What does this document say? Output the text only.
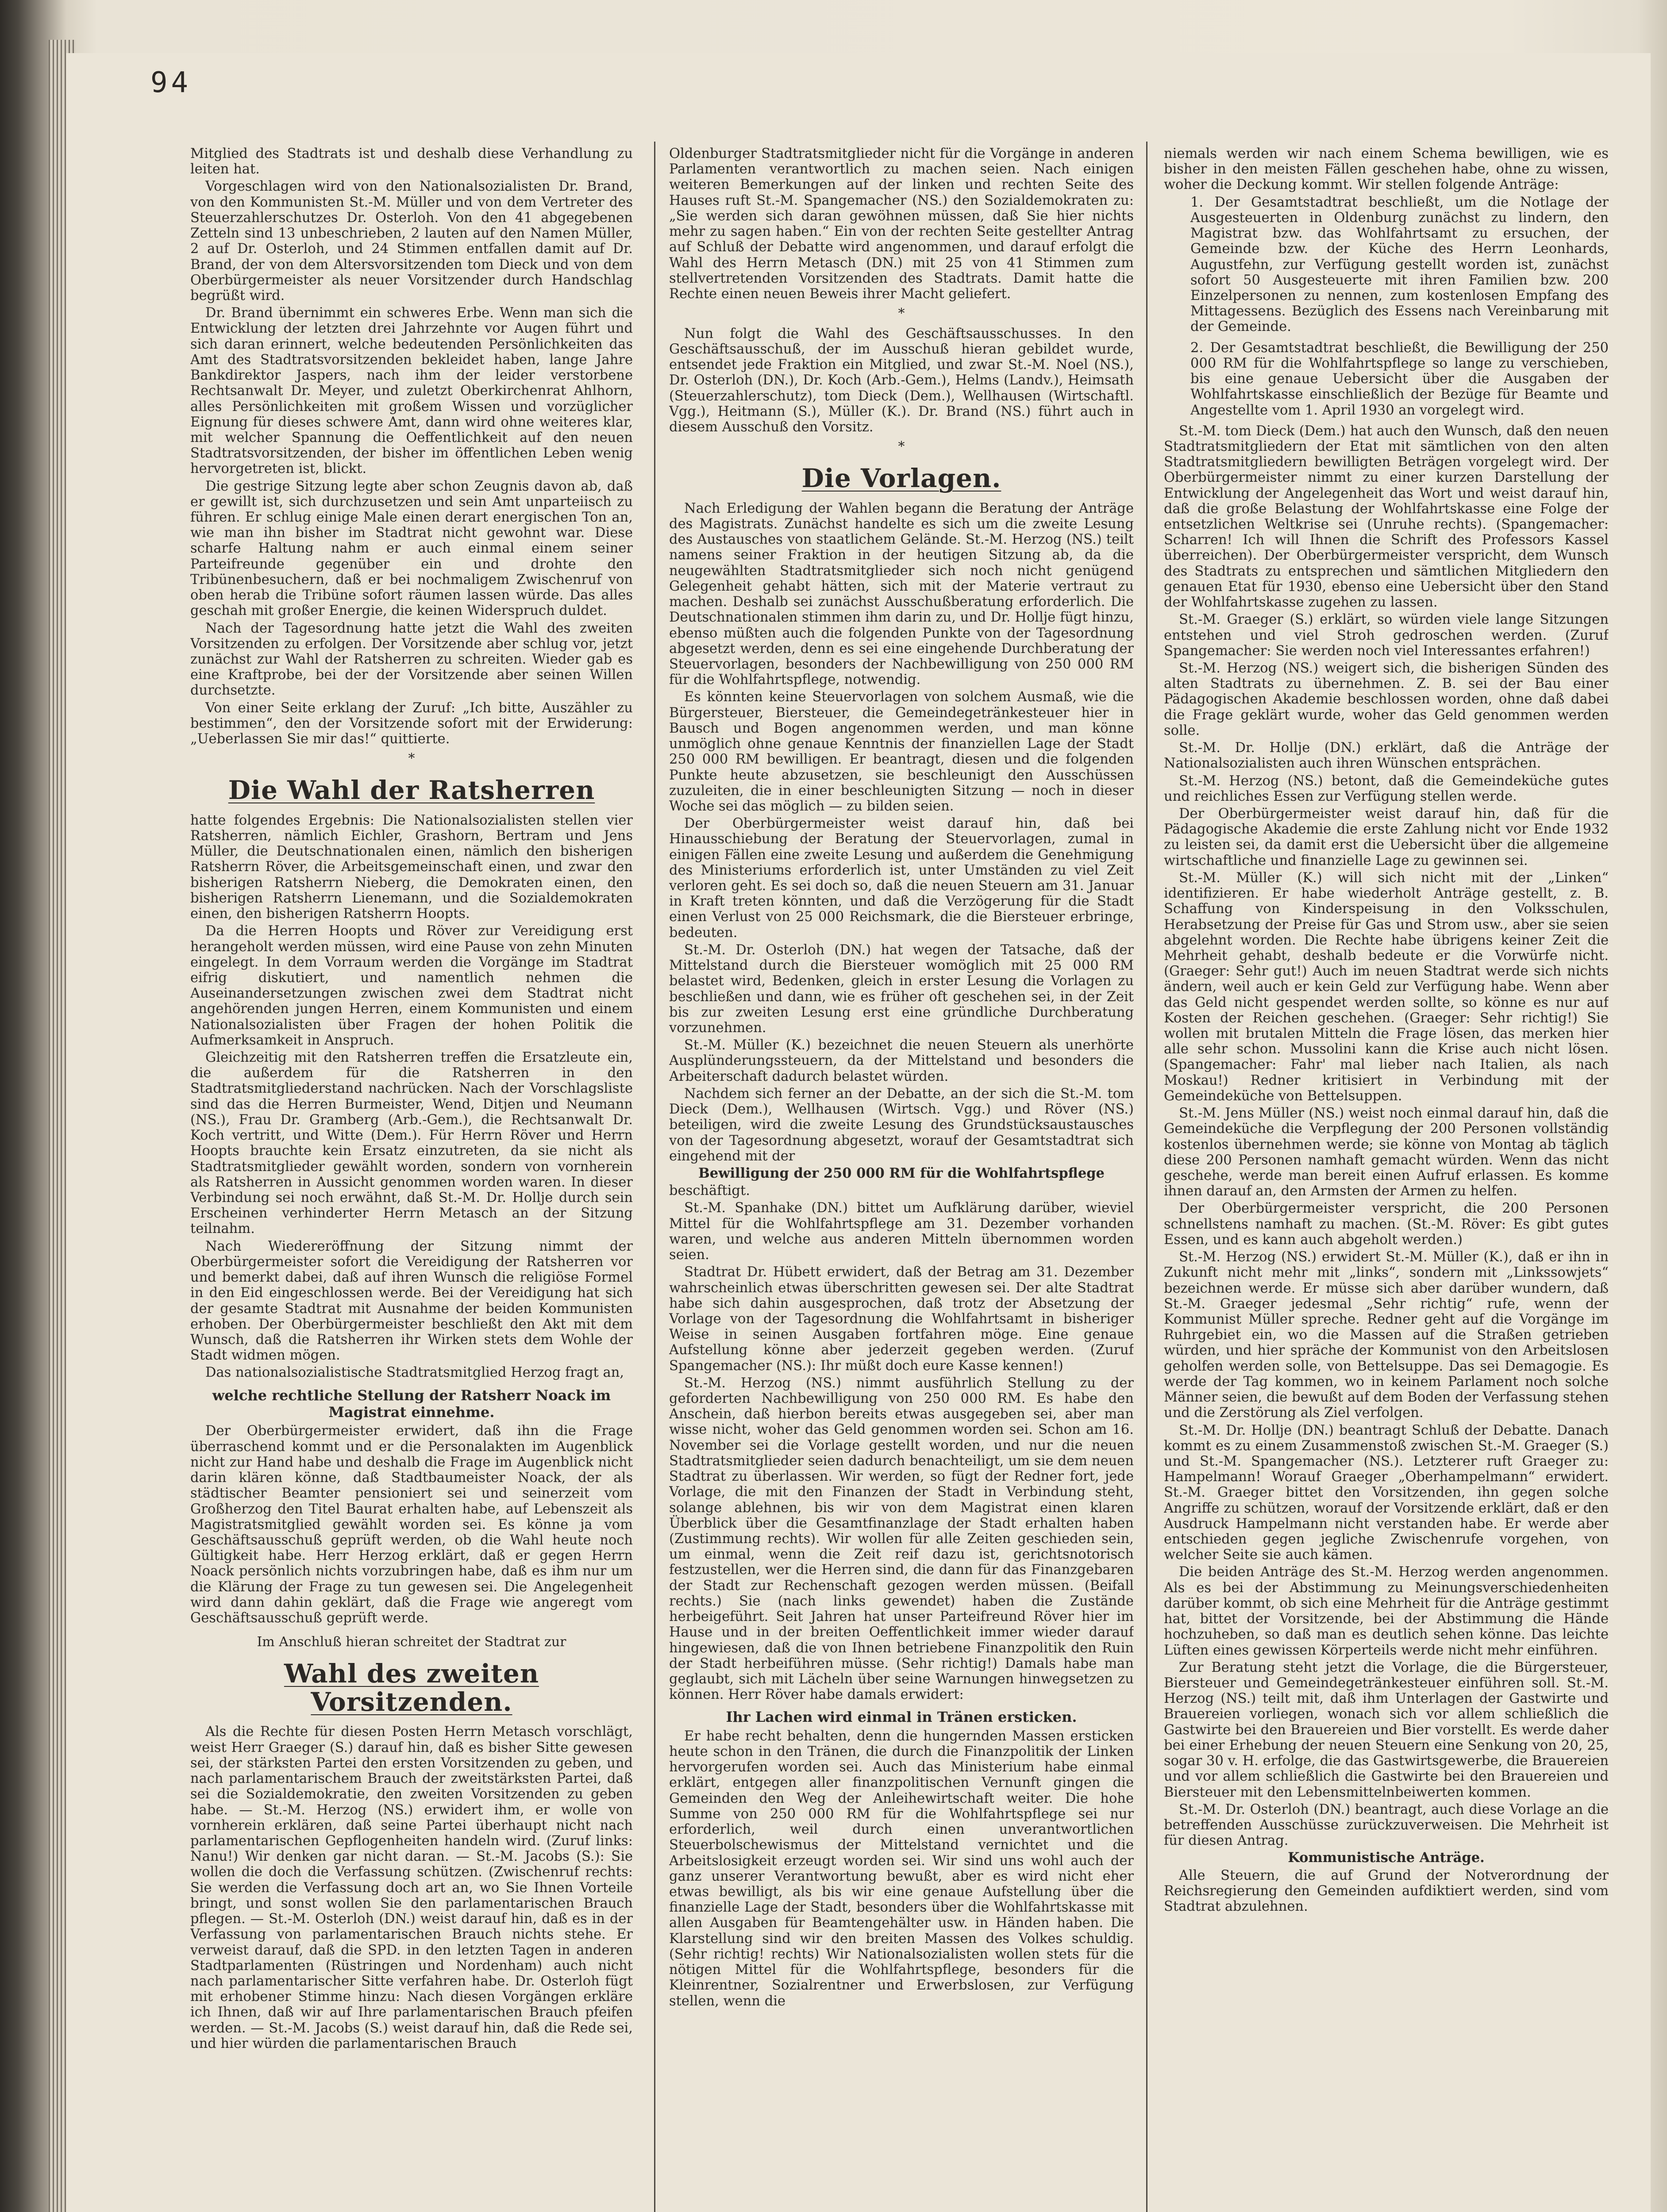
94

Mitglied des Stadtrats ist und deshalb diese Verhandlung zu leiten hat.

Vorgeschlagen wird von den Nationalsozialisten Dr. Brand, von den Kommunisten St.-M. Müller und von dem Vertreter des Steuerzahlerschutzes Dr. Osterloh. Von den 41 abgegebenen Zetteln sind 13 unbeschrieben, 2 lauten auf den Namen Müller, 2 auf Dr. Osterloh, und 24 Stimmen entfallen damit auf Dr. Brand, der von dem Altersvorsitzenden tom Dieck und von dem Oberbürgermeister als neuer Vorsitzender durch Handschlag begrüßt wird.

Dr. Brand übernimmt ein schweres Erbe. Wenn man sich die Entwicklung der letzten drei Jahrzehnte vor Augen führt und sich daran erinnert, welche bedeutenden Persönlichkeiten das Amt des Stadtratsvorsitzenden bekleidet haben, lange Jahre Bankdirektor Jaspers, nach ihm der leider verstorbene Rechtsanwalt Dr. Meyer, und zuletzt Oberkirchenrat Ahlhorn, alles Persönlichkeiten mit großem Wissen und vorzüglicher Eignung für dieses schwere Amt, dann wird ohne weiteres klar, mit welcher Spannung die Oeffentlichkeit auf den neuen Stadtratsvorsitzenden, der bisher im öffentlichen Leben wenig hervorgetreten ist, blickt.

Die gestrige Sitzung legte aber schon Zeugnis davon ab, daß er gewillt ist, sich durchzusetzen und sein Amt unparteiisch zu führen. Er schlug einige Male einen derart energischen Ton an, wie man ihn bisher im Stadtrat nicht gewohnt war. Diese scharfe Haltung nahm er auch einmal einem seiner Parteifreunde gegenüber ein und drohte den Tribünenbesuchern, daß er bei nochmaligem Zwischenruf von oben herab die Tribüne sofort räumen lassen würde. Das alles geschah mit großer Energie, die keinen Widerspruch duldet.

Nach der Tagesordnung hatte jetzt die Wahl des zweiten Vorsitzenden zu erfolgen. Der Vorsitzende aber schlug vor, jetzt zunächst zur Wahl der Ratsherren zu schreiten. Wieder gab es eine Kraftprobe, bei der der Vorsitzende aber seinen Willen durchsetzte.

Von einer Seite erklang der Zuruf: „Ich bitte, Auszähler zu bestimmen“, den der Vorsitzende sofort mit der Erwiderung: „Ueberlassen Sie mir das!“ quittierte.

*

Die Wahl der Ratsherren

hatte folgendes Ergebnis: Die Nationalsozialisten stellen vier Ratsherren, nämlich Eichler, Grashorn, Bertram und Jens Müller, die Deutschnationalen einen, nämlich den bisherigen Ratsherrn Röver, die Arbeitsgemeinschaft einen, und zwar den bisherigen Ratsherrn Nieberg, die Demokraten einen, den bisherigen Ratsherrn Lienemann, und die Sozialdemokraten einen, den bisherigen Ratsherrn Hoopts.

Da die Herren Hoopts und Röver zur Vereidigung erst herangeholt werden müssen, wird eine Pause von zehn Minuten eingelegt. In dem Vorraum werden die Vorgänge im Stadtrat eifrig diskutiert, und namentlich nehmen die Auseinandersetzungen zwischen zwei dem Stadtrat nicht angehörenden jungen Herren, einem Kommunisten und einem Nationalsozialisten über Fragen der hohen Politik die Aufmerksamkeit in Anspruch.

Gleichzeitig mit den Ratsherren treffen die Ersatzleute ein, die außerdem für die Ratsherren in den Stadtratsmitgliederstand nachrücken. Nach der Vorschlagsliste sind das die Herren Burmeister, Wend, Ditjen und Neumann (NS.), Frau Dr. Gramberg (Arb.-Gem.), die Rechtsanwalt Dr. Koch vertritt, und Witte (Dem.). Für Herrn Röver und Herrn Hoopts brauchte kein Ersatz einzutreten, da sie nicht als Stadtratsmitglieder gewählt worden, sondern von vornherein als Ratsherren in Aussicht genommen worden waren. In dieser Verbindung sei noch erwähnt, daß St.-M. Dr. Hollje durch sein Erscheinen verhinderter Herrn Metasch an der Sitzung teilnahm.

Nach Wiedereröffnung der Sitzung nimmt der Oberbürgermeister sofort die Vereidigung der Ratsherren vor und bemerkt dabei, daß auf ihren Wunsch die religiöse Formel in den Eid eingeschlossen werde. Bei der Vereidigung hat sich der gesamte Stadtrat mit Ausnahme der beiden Kommunisten erhoben. Der Oberbürgermeister beschließt den Akt mit dem Wunsch, daß die Ratsherren ihr Wirken stets dem Wohle der Stadt widmen mögen.

Das nationalsozialistische Stadtratsmitglied Herzog fragt an,

welche rechtliche Stellung der Ratsherr Noack im Magistrat einnehme.

Der Oberbürgermeister erwidert, daß ihn die Frage überraschend kommt und er die Personalakten im Augenblick nicht zur Hand habe und deshalb die Frage im Augenblick nicht darin klären könne, daß Stadtbaumeister Noack, der als städtischer Beamter pensioniert sei und seinerzeit vom Großherzog den Titel Baurat erhalten habe, auf Lebenszeit als Magistratsmitglied gewählt worden sei. Es könne ja vom Geschäftsausschuß geprüft werden, ob die Wahl heute noch Gültigkeit habe. Herr Herzog erklärt, daß er gegen Herrn Noack persönlich nichts vorzubringen habe, daß es ihm nur um die Klärung der Frage zu tun gewesen sei. Die Angelegenheit wird dann dahin geklärt, daß die Frage wie angeregt vom Geschäftsausschuß geprüft werde.

Im Anschluß hieran schreitet der Stadtrat zur

Wahl des zweiten Vorsitzenden.

Als die Rechte für diesen Posten Herrn Metasch vorschlägt, weist Herr Graeger (S.) darauf hin, daß es bisher Sitte gewesen sei, der stärksten Partei den ersten Vorsitzenden zu geben, und nach parlamentarischem Brauch der zweitstärksten Partei, daß sei die Sozialdemokratie, den zweiten Vorsitzenden zu geben habe. — St.-M. Herzog (NS.) erwidert ihm, er wolle von vornherein erklären, daß seine Partei überhaupt nicht nach parlamentarischen Gepflogenheiten handeln wird. (Zuruf links: Nanu!) Wir denken gar nicht daran. — St.-M. Jacobs (S.): Sie wollen die doch die Verfassung schützen. (Zwischenruf rechts: Sie werden die Verfassung doch art an, wo Sie Ihnen Vorteile bringt, und sonst wollen Sie den parlamentarischen Brauch pflegen. — St.-M. Osterloh (DN.) weist darauf hin, daß es in der Verfassung von parlamentarischen Brauch nichts stehe. Er verweist darauf, daß die SPD. in den letzten Tagen in anderen Stadtparlamenten (Rüstringen und Nordenham) auch nicht nach parlamentarischer Sitte verfahren habe. Dr. Osterloh fügt mit erhobener Stimme hinzu: Nach diesen Vorgängen erkläre ich Ihnen, daß wir auf Ihre parlamentarischen Brauch pfeifen werden. — St.-M. Jacobs (S.) weist darauf hin, daß die Rede sei, und hier würden die parlamentarischen Brauch

Oldenburger Stadtratsmitglieder nicht für die Vorgänge in anderen Parlamenten verantwortlich zu machen seien. Nach einigen weiteren Bemerkungen auf der linken und rechten Seite des Hauses ruft St.-M. Spangemacher (NS.) den Sozialdemokraten zu: „Sie werden sich daran gewöhnen müssen, daß Sie hier nichts mehr zu sagen haben.“ Ein von der rechten Seite gestellter Antrag auf Schluß der Debatte wird angenommen, und darauf erfolgt die Wahl des Herrn Metasch (DN.) mit 25 von 41 Stimmen zum stellvertretenden Vorsitzenden des Stadtrats. Damit hatte die Rechte einen neuen Beweis ihrer Macht geliefert.

*

Nun folgt die Wahl des Geschäftsausschusses. In den Geschäftsausschuß, der im Ausschuß hieran gebildet wurde, entsendet jede Fraktion ein Mitglied, und zwar St.-M. Noel (NS.), Dr. Osterloh (DN.), Dr. Koch (Arb.-Gem.), Helms (Landv.), Heimsath (Steuerzahlerschutz), tom Dieck (Dem.), Wellhausen (Wirtschaftl. Vgg.), Heitmann (S.), Müller (K.). Dr. Brand (NS.) führt auch in diesem Ausschuß den Vorsitz.

*

Die Vorlagen.

Nach Erledigung der Wahlen begann die Beratung der Anträge des Magistrats. Zunächst handelte es sich um die zweite Lesung des Austausches von staatlichem Gelände. St.-M. Herzog (NS.) teilt namens seiner Fraktion in der heutigen Sitzung ab, da die neugewählten Stadtratsmitglieder sich noch nicht genügend Gelegenheit gehabt hätten, sich mit der Materie vertraut zu machen. Deshalb sei zunächst Ausschußberatung erforderlich. Die Deutschnationalen stimmen ihm darin zu, und Dr. Hollje fügt hinzu, ebenso müßten auch die folgenden Punkte von der Tagesordnung abgesetzt werden, denn es sei eine eingehende Durchberatung der Steuervorlagen, besonders der Nachbewilligung von 250 000 RM für die Wohlfahrtspflege, notwendig.

Es könnten keine Steuervorlagen von solchem Ausmaß, wie die Bürgersteuer, Biersteuer, die Gemeindegetränkesteuer hier in Bausch und Bogen angenommen werden, und man könne unmöglich ohne genaue Kenntnis der finanziellen Lage der Stadt 250 000 RM bewilligen. Er beantragt, diesen und die folgenden Punkte heute abzusetzen, sie beschleunigt den Ausschüssen zuzuleiten, die in einer beschleunigten Sitzung — noch in dieser Woche sei das möglich — zu bilden seien.

Der Oberbürgermeister weist darauf hin, daß bei Hinausschiebung der Beratung der Steuervorlagen, zumal in einigen Fällen eine zweite Lesung und außerdem die Genehmigung des Ministeriums erforderlich ist, unter Umständen zu viel Zeit verloren geht. Es sei doch so, daß die neuen Steuern am 31. Januar in Kraft treten könnten, und daß die Verzögerung für die Stadt einen Verlust von 25 000 Reichsmark, die die Biersteuer erbringe, bedeuten.

St.-M. Dr. Osterloh (DN.) hat wegen der Tatsache, daß der Mittelstand durch die Biersteuer womöglich mit 25 000 RM belastet wird, Bedenken, gleich in erster Lesung die Vorlagen zu beschließen und dann, wie es früher oft geschehen sei, in der Zeit bis zur zweiten Lesung erst eine gründliche Durchberatung vorzunehmen.

St.-M. Müller (K.) bezeichnet die neuen Steuern als unerhörte Ausplünderungssteuern, da der Mittelstand und besonders die Arbeiterschaft dadurch belastet würden.

Nachdem sich ferner an der Debatte, an der sich die St.-M. tom Dieck (Dem.), Wellhausen (Wirtsch. Vgg.) und Röver (NS.) beteiligen, wird die zweite Lesung des Grundstücksaustausches von der Tagesordnung abgesetzt, worauf der Gesamtstadtrat sich eingehend mit der

Bewilligung der 250 000 RM für die Wohlfahrtspflege

beschäftigt.

St.-M. Spanhake (DN.) bittet um Aufklärung darüber, wieviel Mittel für die Wohlfahrtspflege am 31. Dezember vorhanden waren, und welche aus anderen Mitteln übernommen worden seien.

Stadtrat Dr. Hübett erwidert, daß der Betrag am 31. Dezember wahrscheinlich etwas überschritten gewesen sei. Der alte Stadtrat habe sich dahin ausgesprochen, daß trotz der Absetzung der Vorlage von der Tagesordnung die Wohlfahrtsamt in bisheriger Weise in seinen Ausgaben fortfahren möge. Eine genaue Aufstellung könne aber jederzeit gegeben werden. (Zuruf Spangemacher (NS.): Ihr müßt doch eure Kasse kennen!)

St.-M. Herzog (NS.) nimmt ausführlich Stellung zu der geforderten Nachbewilligung von 250 000 RM. Es habe den Anschein, daß hierbon bereits etwas ausgegeben sei, aber man wisse nicht, woher das Geld genommen worden sei. Schon am 16. November sei die Vorlage gestellt worden, und nur die neuen Stadtratsmitglieder seien dadurch benachteiligt, um sie dem neuen Stadtrat zu überlassen. Wir werden, so fügt der Redner fort, jede Vorlage, die mit den Finanzen der Stadt in Verbindung steht, solange ablehnen, bis wir von dem Magistrat einen klaren Überblick über die Gesamtfinanzlage der Stadt erhalten haben (Zustimmung rechts). Wir wollen für alle Zeiten geschieden sein, um einmal, wenn die Zeit reif dazu ist, gerichtsnotorisch festzustellen, wer die Herren sind, die dann für das Finanzgebaren der Stadt zur Rechenschaft gezogen werden müssen. (Beifall rechts.) Sie (nach links gewendet) haben die Zustände herbeigeführt. Seit Jahren hat unser Parteifreund Röver hier im Hause und in der breiten Oeffentlichkeit immer wieder darauf hingewiesen, daß die von Ihnen betriebene Finanzpolitik den Ruin der Stadt herbeiführen müsse. (Sehr richtig!) Damals habe man geglaubt, sich mit Lächeln über seine Warnungen hinwegsetzen zu können. Herr Röver habe damals erwidert:

Ihr Lachen wird einmal in Tränen ersticken.

Er habe recht behalten, denn die hungernden Massen ersticken heute schon in den Tränen, die durch die Finanzpolitik der Linken hervorgerufen worden sei. Auch das Ministerium habe einmal erklärt, entgegen aller finanzpolitischen Vernunft gingen die Gemeinden den Weg der Anleihewirtschaft weiter. Die hohe Summe von 250 000 RM für die Wohlfahrtspflege sei nur erforderlich, weil durch einen unverantwortlichen Steuerbolschewismus der Mittelstand vernichtet und die Arbeitslosigkeit erzeugt worden sei. Wir sind uns wohl auch der ganz unserer Verantwortung bewußt, aber es wird nicht eher etwas bewilligt, als bis wir eine genaue Aufstellung über die finanzielle Lage der Stadt, besonders über die Wohlfahrtskasse mit allen Ausgaben für Beamtengehälter usw. in Händen haben. Die Klarstellung sind wir den breiten Massen des Volkes schuldig. (Sehr richtig! rechts) Wir Nationalsozialisten wollen stets für die nötigen Mittel für die Wohlfahrtspflege, besonders für die Kleinrentner, Sozialrentner und Erwerbslosen, zur Verfügung stellen, wenn die

niemals werden wir nach einem Schema bewilligen, wie es bisher in den meisten Fällen geschehen habe, ohne zu wissen, woher die Deckung kommt. Wir stellen folgende Anträge:

1. Der Gesamtstadtrat beschließt, um die Notlage der Ausgesteuerten in Oldenburg zunächst zu lindern, den Magistrat bzw. das Wohlfahrtsamt zu ersuchen, der Gemeinde bzw. der Küche des Herrn Leonhards, Augustfehn, zur Verfügung gestellt worden ist, zunächst sofort 50 Ausgesteuerte mit ihren Familien bzw. 200 Einzelpersonen zu nennen, zum kostenlosen Empfang des Mittagessens. Bezüglich des Essens nach Vereinbarung mit der Gemeinde.

2. Der Gesamtstadtrat beschließt, die Bewilligung der 250 000 RM für die Wohlfahrtspflege so lange zu verschieben, bis eine genaue Uebersicht über die Ausgaben der Wohlfahrtskasse einschließlich der Bezüge für Beamte und Angestellte vom 1. April 1930 an vorgelegt wird.

St.-M. tom Dieck (Dem.) hat auch den Wunsch, daß den neuen Stadtratsmitgliedern der Etat mit sämtlichen von den alten Stadtratsmitgliedern bewilligten Beträgen vorgelegt wird. Der Oberbürgermeister nimmt zu einer kurzen Darstellung der Entwicklung der Angelegenheit das Wort und weist darauf hin, daß die große Belastung der Wohlfahrtskasse eine Folge der entsetzlichen Weltkrise sei (Unruhe rechts). (Spangemacher: Scharren! Ich will Ihnen die Schrift des Professors Kassel überreichen). Der Oberbürgermeister verspricht, dem Wunsch des Stadtrats zu entsprechen und sämtlichen Mitgliedern den genauen Etat für 1930, ebenso eine Uebersicht über den Stand der Wohlfahrtskasse zugehen zu lassen.

St.-M. Graeger (S.) erklärt, so würden viele lange Sitzungen entstehen und viel Stroh gedroschen werden. (Zuruf Spangemacher: Sie werden noch viel Interessantes erfahren!)

St.-M. Herzog (NS.) weigert sich, die bisherigen Sünden des alten Stadtrats zu übernehmen. Z. B. sei der Bau einer Pädagogischen Akademie beschlossen worden, ohne daß dabei die Frage geklärt wurde, woher das Geld genommen werden solle.

St.-M. Dr. Hollje (DN.) erklärt, daß die Anträge der Nationalsozialisten auch ihren Wünschen entsprächen.

St.-M. Herzog (NS.) betont, daß die Gemeindeküche gutes und reichliches Essen zur Verfügung stellen werde.

Der Oberbürgermeister weist darauf hin, daß für die Pädagogische Akademie die erste Zahlung nicht vor Ende 1932 zu leisten sei, da damit erst die Uebersicht über die allgemeine wirtschaftliche und finanzielle Lage zu gewinnen sei.

St.-M. Müller (K.) will sich nicht mit der „Linken“ identifizieren. Er habe wiederholt Anträge gestellt, z. B. Schaffung von Kinderspeisung in den Volksschulen, Herabsetzung der Preise für Gas und Strom usw., aber sie seien abgelehnt worden. Die Rechte habe übrigens keiner Zeit die Mehrheit gehabt, deshalb bedeute er die Vorwürfe nicht. (Graeger: Sehr gut!) Auch im neuen Stadtrat werde sich nichts ändern, weil auch er kein Geld zur Verfügung habe. Wenn aber das Geld nicht gespendet werden sollte, so könne es nur auf Kosten der Reichen geschehen. (Graeger: Sehr richtig!) Sie wollen mit brutalen Mitteln die Frage lösen, das merken hier alle sehr schon. Mussolini kann die Krise auch nicht lösen. (Spangemacher: Fahr' mal lieber nach Italien, als nach Moskau!) Redner kritisiert in Verbindung mit der Gemeindeküche von Bettelsuppen.

St.-M. Jens Müller (NS.) weist noch einmal darauf hin, daß die Gemeindeküche die Verpflegung der 200 Personen vollständig kostenlos übernehmen werde; sie könne von Montag ab täglich diese 200 Personen namhaft gemacht würden. Wenn das nicht geschehe, werde man bereit einen Aufruf erlassen. Es komme ihnen darauf an, den Armsten der Armen zu helfen.

Der Oberbürgermeister verspricht, die 200 Personen schnellstens namhaft zu machen. (St.-M. Röver: Es gibt gutes Essen, und es kann auch abgeholt werden.)

St.-M. Herzog (NS.) erwidert St.-M. Müller (K.), daß er ihn in Zukunft nicht mehr mit „links“, sondern mit „Linkssowjets“ bezeichnen werde. Er müsse sich aber darüber wundern, daß St.-M. Graeger jedesmal „Sehr richtig“ rufe, wenn der Kommunist Müller spreche. Redner geht auf die Vorgänge im Ruhrgebiet ein, wo die Massen auf die Straßen getrieben würden, und hier spräche der Kommunist von den Arbeitslosen geholfen werden solle, von Bettelsuppe. Das sei Demagogie. Es werde der Tag kommen, wo in keinem Parlament noch solche Männer seien, die bewußt auf dem Boden der Verfassung stehen und die Zerstörung als Ziel verfolgen.

St.-M. Dr. Hollje (DN.) beantragt Schluß der Debatte. Danach kommt es zu einem Zusammenstoß zwischen St.-M. Graeger (S.) und St.-M. Spangemacher (NS.). Letzterer ruft Graeger zu: Hampelmann! Worauf Graeger „Oberhampelmann“ erwidert. St.-M. Graeger bittet den Vorsitzenden, ihn gegen solche Angriffe zu schützen, worauf der Vorsitzende erklärt, daß er den Ausdruck Hampelmann nicht verstanden habe. Er werde aber entschieden gegen jegliche Zwischenrufe vorgehen, von welcher Seite sie auch kämen.

Die beiden Anträge des St.-M. Herzog werden angenommen. Als es bei der Abstimmung zu Meinungsverschiedenheiten darüber kommt, ob sich eine Mehrheit für die Anträge gestimmt hat, bittet der Vorsitzende, bei der Abstimmung die Hände hochzuheben, so daß man es deutlich sehen könne. Das leichte Lüften eines gewissen Körperteils werde nicht mehr einführen.

Zur Beratung steht jetzt die Vorlage, die die Bürgersteuer, Biersteuer und Gemeindegetränkesteuer einführen soll. St.-M. Herzog (NS.) teilt mit, daß ihm Unterlagen der Gastwirte und Brauereien vorliegen, wonach sich vor allem schließlich die Gastwirte bei den Brauereien und Bier vorstellt. Es werde daher bei einer Erhebung der neuen Steuern eine Senkung von 20, 25, sogar 30 v. H. erfolge, die das Gastwirtsgewerbe, die Brauereien und vor allem schließlich die Gastwirte bei den Brauereien und Biersteuer mit den Lebensmittelnbeiwerten kommen.

St.-M. Dr. Osterloh (DN.) beantragt, auch diese Vorlage an die betreffenden Ausschüsse zurückzuverweisen. Die Mehrheit ist für diesen Antrag.

Kommunistische Anträge.

Alle Steuern, die auf Grund der Notverordnung der Reichsregierung den Gemeinden aufdiktiert werden, sind vom Stadtrat abzulehnen.
